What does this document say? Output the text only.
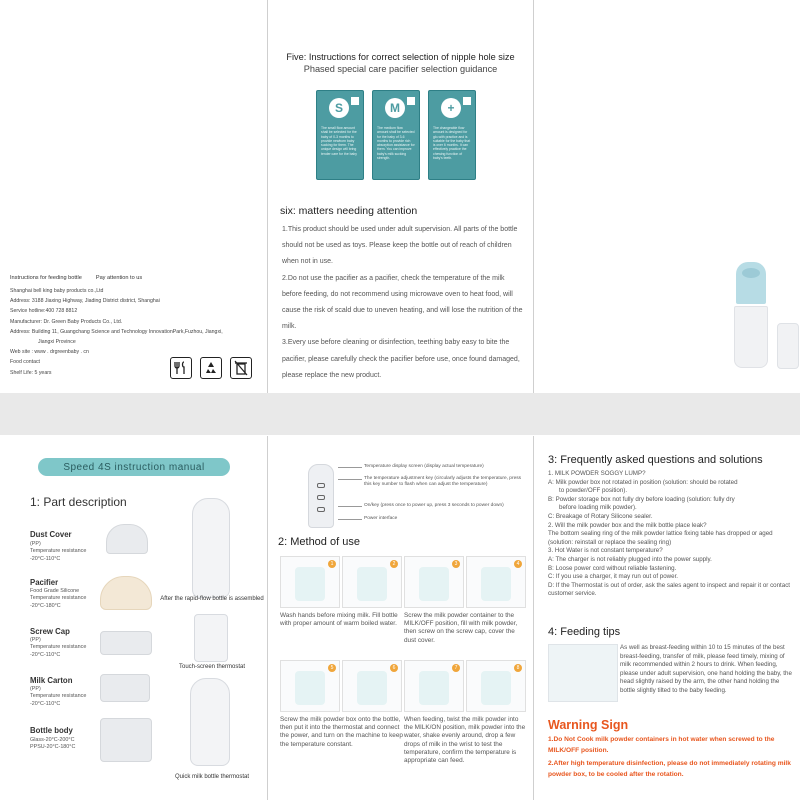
Instructions for feeding bottle	Pay attention to us
Shanghai bell king baby products co.,Ltd
Address: 3188 Jiaxing Highway, Jiading District district, Shanghai
Service hotline:400 728 8812
Manufacturer: Dr. Green Baby Products Co., Ltd.
Address: Building 11, Guangchang Science and Technology InnovationPark,Fuzhou, Jiangxi,
Jiangxi Province
Web site : www . drgreenbaby . cn
Food contact
Shelf Life: 5 years
Five: Instructions for correct selection of nipple hole size
Phased special care pacifier selection guidance
S
The small flow amount shall be selected for the baby of 0-3 months to provide newborn baby sucking for them. The unique design will bring tender care for the baby
M
The medium flow amount shall be selected for the baby of 3-6 months to provide rich absorption assistance for them. You can improve baby's milk sucking strength.
+
The changeable flow amount is designed for glo-with practice and is suitable for the baby that is over 6 months. It can effectively practice the chewing function of baby's teeth.
six: matters needing attention

1.This product should be used under adult supervision. All parts of the bottle should not be used as toys. Please keep the bottle out of reach of children when not in use.

2.Do not use the pacifier as a pacifier, check the temperature of the milk before feeding, do not recommend using microwave oven to heat food, will cause the risk of scald due to uneven heating, and will lose the nutrition of the milk.

3.Every use before cleaning or disinfection, teething baby easy to bite the pacifier, please carefully check the pacifier before use, once found damaged, please replace the new product.

Speed 4S instruction manual
1: Part description
Dust Cover
(PP)
Temperature resistance
-20°C-110°C
Pacifier
Food Grade Silicone
Temperature resistance
-20°C-180°C
Screw Cap
(PP)
Temperature resistance
-20°C-110°C
Milk Carton
(PP)
Temperature resistance
-20°C-110°C
Bottle body
Glass-20°C-200°C
PPSU-20°C-180°C
After the rapid-flow bottle is assembled
Touch-screen thermostat
Quick milk bottle thermostat
Temperature display screen (display actual temperature)
The temperature adjustment key (circularly adjusts the temperature, press this key number to flash when can adjust the temperature)
On/key (press once to power up, press 3 seconds to power down)
Power interface
2: Method of use
1	2	3	4
Wash hands before mixing milk. Fill bottle with proper amount of warm boiled water.
Screw the milk powder container to the MILK/OFF position, fill with milk powder, then screw on the screw cap, cover the dust cover.
5	6	7	8
Screw the milk powder box onto the bottle, then put it into the thermostat and connect the power, and turn on the machine to keep the temperature constant.
When feeding, twist the milk powder into the MILK/ON position, milk powder into the water, shake evenly around, drop a few drops of milk in the wrist to test the temperature, confirm the temperature is appropriate can feed.
3: Frequently asked questions and solutions
1. MILK POWDER SOGGY LUMP?
A: Milk powder box not rotated in position (solution: should be rotated
to powder/OFF position).
B: Powder storage box not fully dry before loading (solution: fully dry
before loading milk powder).
C: Breakage of Rotary Silicone sealer.
2. Will the milk powder box and the milk bottle place leak?
The bottom sealing ring of the milk powder lattice fixing table has dropped or aged (solution: reinstall or replace the sealing ring)
3. Hot Water is not constant temperature?
A: The charger is not reliably plugged into the power supply.
B: Loose power cord without reliable fastening.
C: If you use a charger, it may run out of power.
D: If the Thermostat is out of order, ask the sales agent to inspect and repair it or contact customer service.
4: Feeding tips
As well as breast-feeding within 10 to 15 minutes of the best breast-feeding, transfer of milk, please feed timely, mixing of milk recommended within 2 hours to drink. When feeding, please under adult supervision, one hand holding the baby, the head slightly raised by the arm, the other hand holding the bottle slightly tilted to the baby feeding.
Warning Sign
1.Do Not Cook milk powder containers in hot water when screwed to the MILK/OFF position.
2.After high temperature disinfection, please do not immediately rotating milk powder box, to be cooled after the rotation.
